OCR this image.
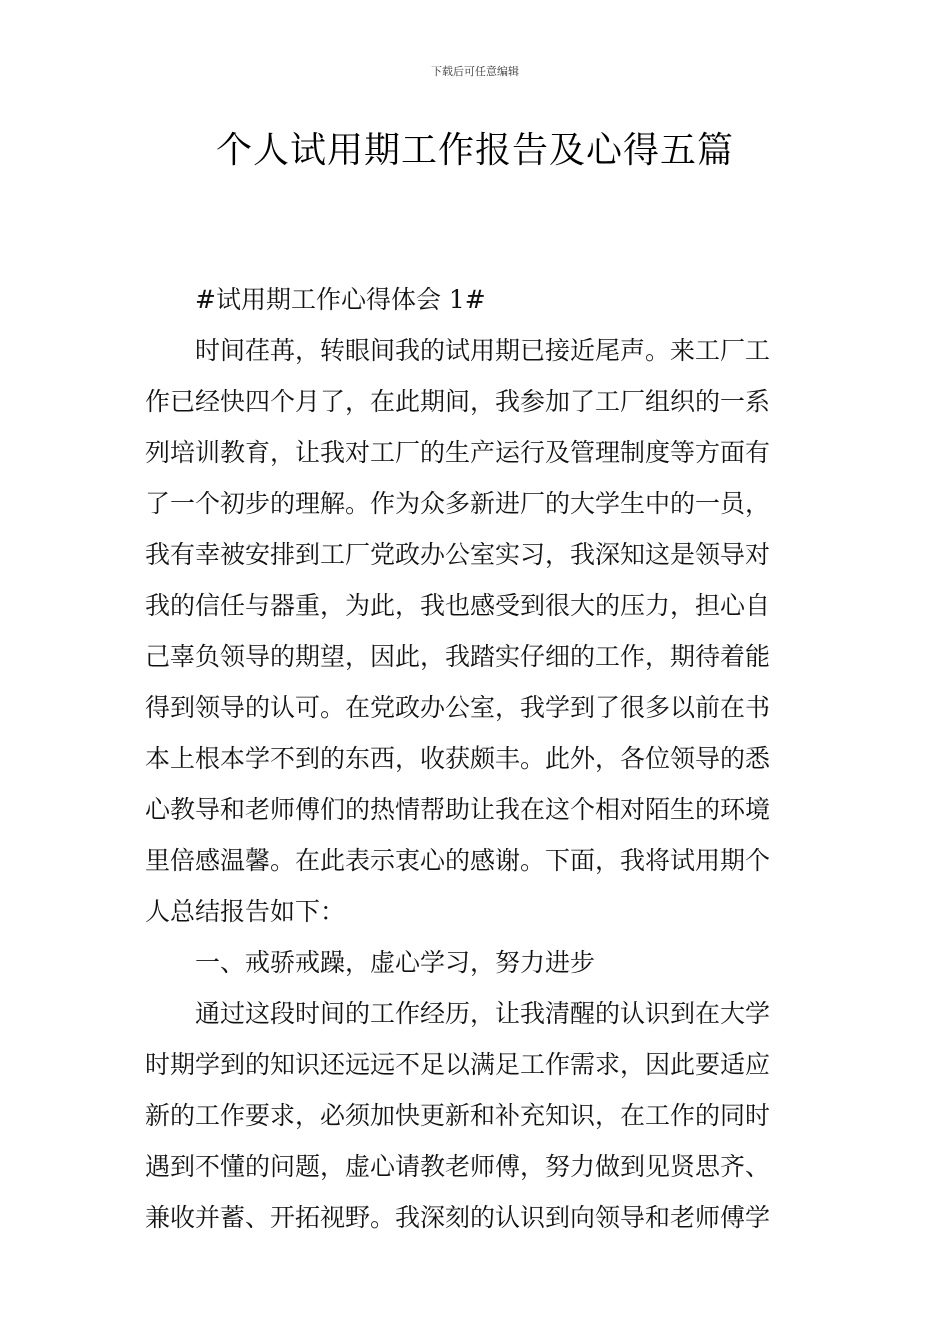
下载后可任意编辑
个人试用期工作报告及心得五篇
#试用期工作心得体会 1#
时间荏苒，转眼间我的试用期已接近尾声。来工厂工
作已经快四个月了，在此期间，我参加了工厂组织的一系
列培训教育，让我对工厂的生产运行及管理制度等方面有
了一个初步的理解。作为众多新进厂的大学生中的一员，
我有幸被安排到工厂党政办公室实习，我深知这是领导对
我的信任与器重，为此，我也感受到很大的压力，担心自
己辜负领导的期望，因此，我踏实仔细的工作，期待着能
得到领导的认可。在党政办公室，我学到了很多以前在书
本上根本学不到的东西，收获颇丰。此外，各位领导的悉
心教导和老师傅们的热情帮助让我在这个相对陌生的环境
里倍感温馨。在此表示衷心的感谢。下面，我将试用期个
人总结报告如下：
一、戒骄戒躁，虚心学习，努力进步
通过这段时间的工作经历，让我清醒的认识到在大学
时期学到的知识还远远不足以满足工作需求，因此要适应
新的工作要求，必须加快更新和补充知识，在工作的同时
遇到不懂的问题，虚心请教老师傅，努力做到见贤思齐、
兼收并蓄、开拓视野。我深刻的认识到向领导和老师傅学
